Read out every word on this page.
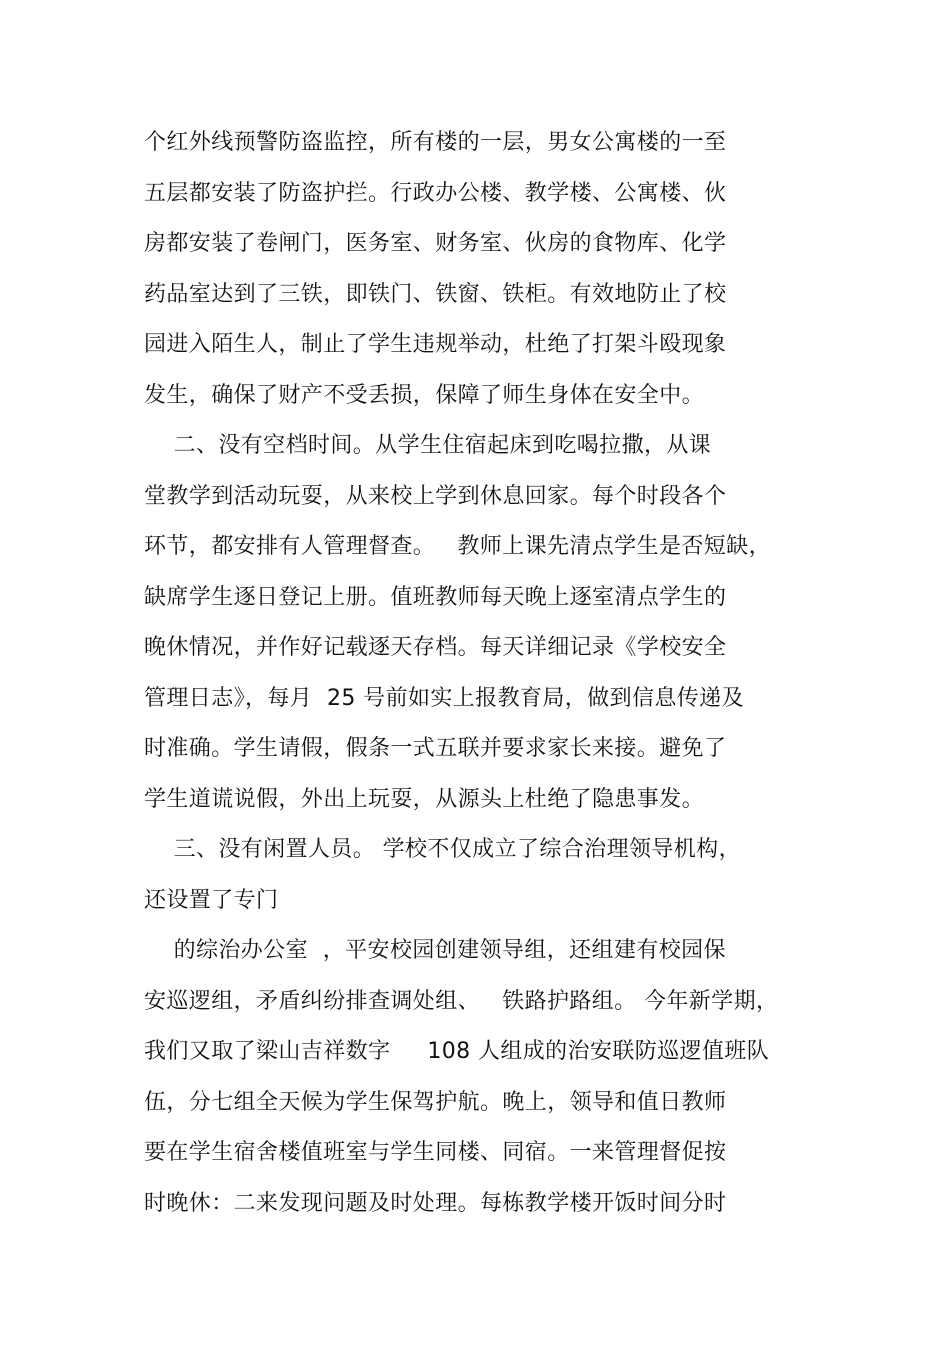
个红外线预警防盗监控，所有楼的一层，男女公寓楼的一至
五层都安装了防盗护拦。行政办公楼、教学楼、公寓楼、伙
房都安装了卷闸门，医务室、财务室、伙房的食物库、化学
药品室达到了三铁，即铁门、铁窗、铁柜。有效地防止了校
园进入陌生人，制止了学生违规举动，杜绝了打架斗殴现象
发生，确保了财产不受丢损，保障了师生身体在安全中。
二、没有空档时间。从学生住宿起床到吃喝拉撒，从课
堂教学到活动玩耍，从来校上学到休息回家。每个时段各个
环节，都安排有人管理督查。   教师上课先清点学生是否短缺，
缺席学生逐日登记上册。值班教师每天晚上逐室清点学生的
晚休情况，并作好记载逐天存档。每天详细记录《学校安全
管理日志》，每月  25 号前如实上报教育局，做到信息传递及
时准确。学生请假，假条一式五联并要求家长来接。避免了
学生道谎说假，外出上玩耍，从源头上杜绝了隐患事发。
三、没有闲置人员。 学校不仅成立了综合治理领导机构，
还设置了专门
的综治办公室  ，平安校园创建领导组，还组建有校园保
安巡逻组，矛盾纠纷排查调处组、   铁路护路组。 今年新学期，
我们又取了梁山吉祥数字     108 人组成的治安联防巡逻值班队
伍，分七组全天候为学生保驾护航。晚上，领导和值日教师
要在学生宿舍楼值班室与学生同楼、同宿。一来管理督促按
时晚休：二来发现问题及时处理。每栋教学楼开饭时间分时
